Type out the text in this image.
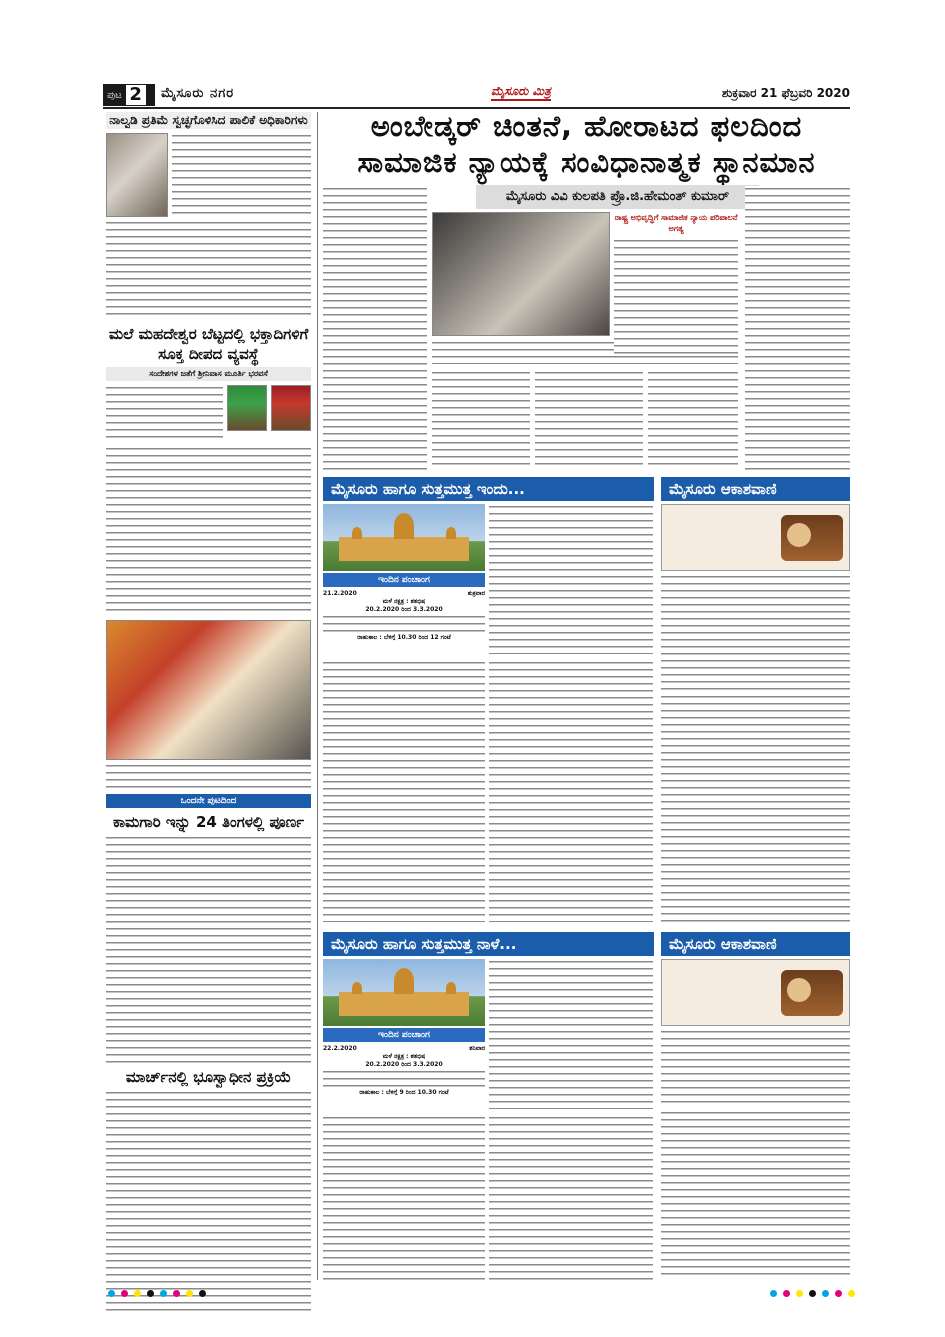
ಪುಟ 2 ಮೈಸೂರು ನಗರ	ಮೈಸೂರು ಮಿತ್ರ	ಶುಕ್ರವಾರ 21 ಫೆಬ್ರವರಿ 2020
ನಾಲ್ವಡಿ ಪ್ರತಿಮೆ ಸ್ವಚ್ಛಗೊಳಿಸಿದ ಪಾಲಿಕೆ ಅಧಿಕಾರಿಗಳು
ಮಲೆ ಮಹದೇಶ್ವರ ಬೆಟ್ಟದಲ್ಲಿ ಭಕ್ತಾದಿಗಳಿಗೆ ಸೂಕ್ತ ದೀಪದ ವ್ಯವಸ್ಥೆ
ಸಂದೇಶಗಳ ಜತೆಗೆ ಶ್ರೀನಿವಾಸ ಮೂರ್ತಿ ಭರವಸೆ
ಒಂದನೇ ಪುಟದಿಂದ
ಕಾಮಗಾರಿ ಇನ್ನು 24 ತಿಂಗಳಲ್ಲಿ ಪೂರ್ಣ
ಮಾರ್ಚ್‌ನಲ್ಲಿ ಭೂಸ್ವಾಧೀನ ಪ್ರಕ್ರಿಯೆ
ಅಂಬೇಡ್ಕರ್ ಚಿಂತನೆ, ಹೋರಾಟದ ಫಲದಿಂದ
ಸಾಮಾಜಿಕ ನ್ಯಾಯಕ್ಕೆ ಸಂವಿಧಾನಾತ್ಮಕ ಸ್ಥಾನಮಾನ
ಮೈಸೂರು ವಿವಿ ಕುಲಪತಿ ಪ್ರೊ.ಜಿ.ಹೇಮಂತ್ ಕುಮಾರ್
ರಾಷ್ಟ್ರ ಅಭಿವೃದ್ಧಿಗೆ ಸಾಮಾಜಿಕ ನ್ಯಾಯ ಪರಿಪಾಲನೆ ಅಗತ್ಯ
ಮೈಸೂರು ಹಾಗೂ ಸುತ್ತಮುತ್ತ ಇಂದು...	ಮೈಸೂರು ಆಕಾಶವಾಣಿ
ಇಂದಿನ ಪಂಚಾಂಗ
21.2.2020	ಶುಕ್ರವಾರ
ಮಳೆ ನಕ್ಷತ್ರ : ಶತಭಿಷ
20.2.2020 ರಿಂದ 3.3.2020
ರಾಹುಕಾಲ : ಬೆಳಿಗ್ಗೆ 10.30 ರಿಂದ 12 ಗಂಟೆ
ಮೈಸೂರು ಹಾಗೂ ಸುತ್ತಮುತ್ತ ನಾಳೆ...	ಮೈಸೂರು ಆಕಾಶವಾಣಿ
ಇಂದಿನ ಪಂಚಾಂಗ
22.2.2020	ಶನಿವಾರ
ಮಳೆ ನಕ್ಷತ್ರ : ಶತಭಿಷ
20.2.2020 ರಿಂದ 3.3.2020
ರಾಹುಕಾಲ : ಬೆಳಿಗ್ಗೆ 9 ರಿಂದ 10.30 ಗಂಟೆ
